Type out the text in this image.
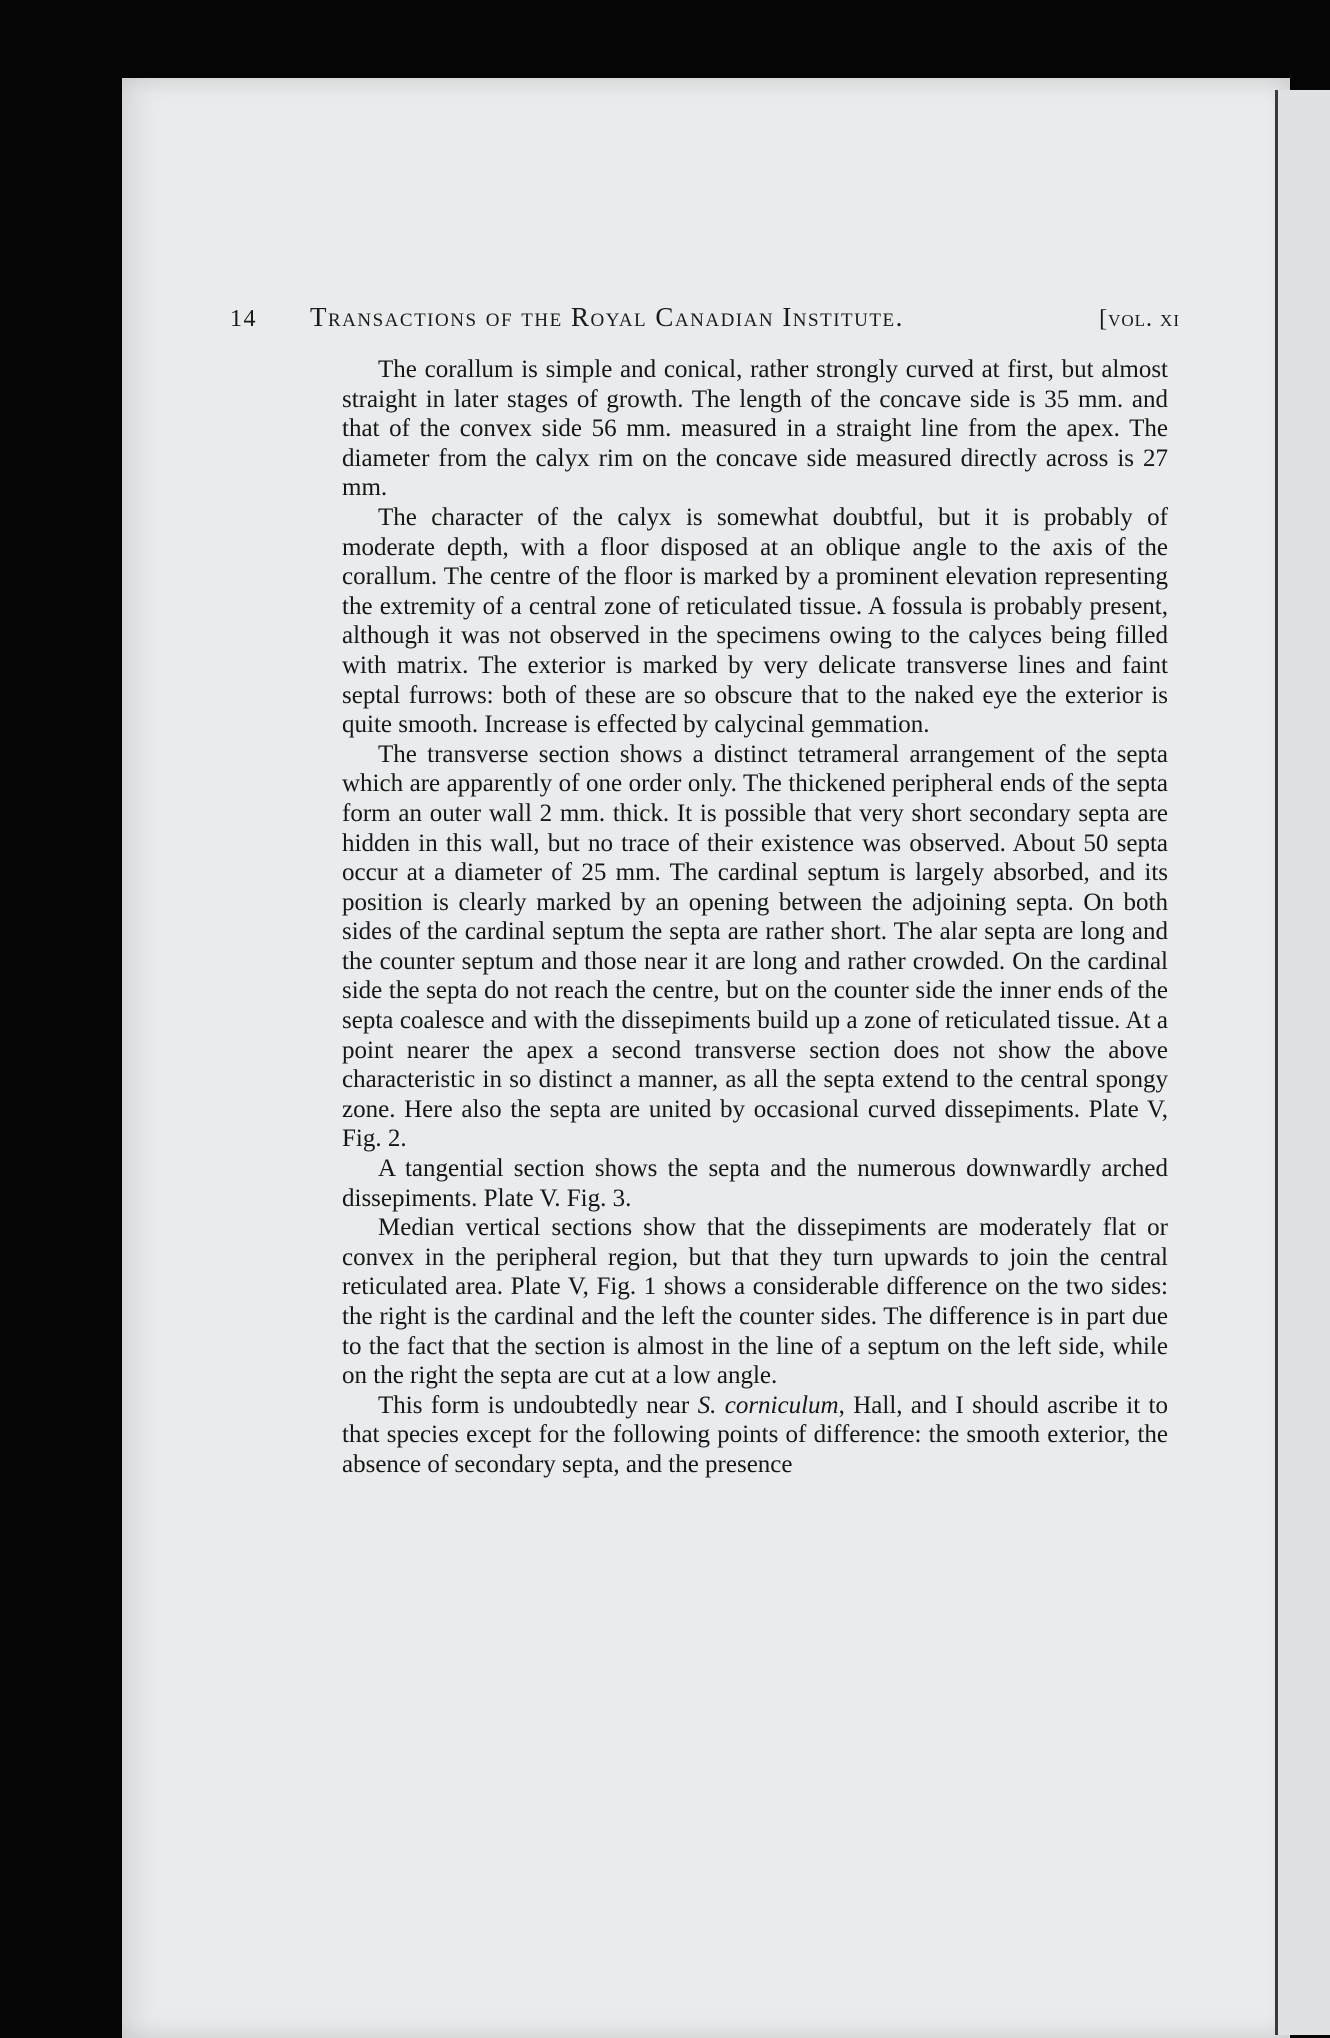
14	Transactions of the Royal Canadian Institute.	[vol. xi

The corallum is simple and conical, rather strongly curved at first, but almost straight in later stages of growth. The length of the concave side is 35 mm. and that of the convex side 56 mm. measured in a straight line from the apex. The diameter from the calyx rim on the concave side measured directly across is 27 mm.

The character of the calyx is somewhat doubtful, but it is probably of moderate depth, with a floor disposed at an oblique angle to the axis of the corallum. The centre of the floor is marked by a prominent elevation representing the extremity of a central zone of reticulated tissue. A fossula is probably present, although it was not observed in the specimens owing to the calyces being filled with matrix. The exterior is marked by very delicate transverse lines and faint septal furrows: both of these are so obscure that to the naked eye the exterior is quite smooth. Increase is effected by calycinal gemmation.

The transverse section shows a distinct tetrameral arrangement of the septa which are apparently of one order only. The thickened peripheral ends of the septa form an outer wall 2 mm. thick. It is possible that very short secondary septa are hidden in this wall, but no trace of their existence was observed. About 50 septa occur at a diameter of 25 mm. The cardinal septum is largely absorbed, and its position is clearly marked by an opening between the adjoining septa. On both sides of the cardinal septum the septa are rather short. The alar septa are long and the counter septum and those near it are long and rather crowded. On the cardinal side the septa do not reach the centre, but on the counter side the inner ends of the septa coalesce and with the dissepiments build up a zone of reticulated tissue. At a point nearer the apex a second transverse section does not show the above characteristic in so distinct a manner, as all the septa extend to the central spongy zone. Here also the septa are united by occasional curved dissepiments. Plate V, Fig. 2.

A tangential section shows the septa and the numerous downwardly arched dissepiments. Plate V. Fig. 3.

Median vertical sections show that the dissepiments are moderately flat or convex in the peripheral region, but that they turn upwards to join the central reticulated area. Plate V, Fig. 1 shows a considerable difference on the two sides: the right is the cardinal and the left the counter sides. The difference is in part due to the fact that the section is almost in the line of a septum on the left side, while on the right the septa are cut at a low angle.

This form is undoubtedly near S. corniculum, Hall, and I should ascribe it to that species except for the following points of difference: the smooth exterior, the absence of secondary septa, and the presence
